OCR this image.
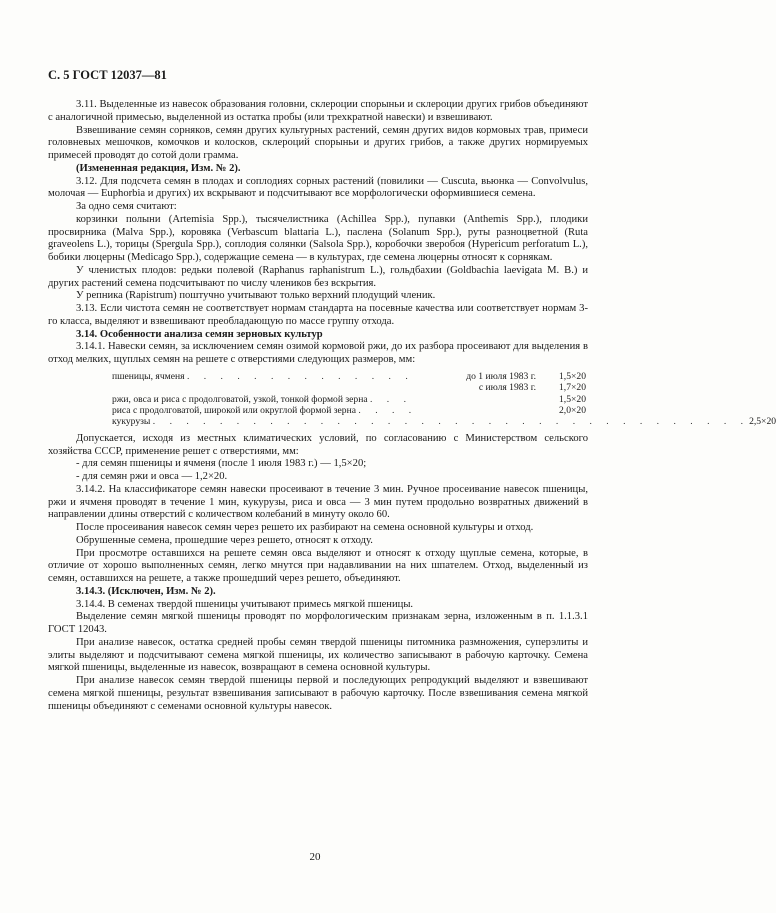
С. 5 ГОСТ 12037—81

3.11. Выделенные из навесок образования головни, склероции спорыньи и склероции других грибов объединяют с аналогичной примесью, выделенной из остатка пробы (или трехкратной навески) и взвешивают.

Взвешивание семян сорняков, семян других культурных растений, семян других видов кормовых трав, примеси головневых мешочков, комочков и колосков, склероций спорыньи и других грибов, а также других нормируемых примесей проводят до сотой доли грамма.

(Измененная редакция, Изм. № 2).

3.12. Для подсчета семян в плодах и соплодиях сорных растений (повилики — Cuscuta, вьюнка — Convolvulus, молочая — Euphorbia и других) их вскрывают и подсчитывают все морфологически оформившиеся семена.

За одно семя считают:

корзинки полыни (Artemisia Spp.), тысячелистника (Achillea Spp.), пупавки (Anthemis Spp.), плодики просвирника (Malva Spp.), коровяка (Verbascum blattaria L.), паслена (Solanum Spp.), руты разноцветной (Ruta graveolens L.), торицы (Spergula Spp.), соплодия солянки (Salsola Spp.), коробочки зверобоя (Hypericum perforatum L.), бобики люцерны (Medicago Spp.), содержащие семена — в культурах, где семена люцерны относят к сорнякам.

У члениcтых плодов: редьки полевой (Raphanus raphanistrum L.), гольдбахии (Goldbachia laevigata M. B.) и других растений семена подсчитывают по числу члеников без вскрытия.

У репника (Rapistrum) поштучно учитывают только верхний плодущий членик.

3.13. Если чистота семян не соответствует нормам стандарта на посевные качества или соответствует нормам 3-го класса, выделяют и взвешивают преобладающую по массе группу отхода.

3.14. Особенности анализа семян зерновых культур

3.14.1. Навески семян, за исключением семян озимой кормовой ржи, до их разбора просеивают для выделения в отход мелких, щуплых семян на решете с отверстиями следующих размеров, мм:

пшеницы, ячменя . . . . . . . . . . . . . .	до 1 июля 1983 г.	1,5×20
с июля 1983 г.	1,7×20
ржи, овса и риса с продолговатой, узкой, тонкой формой зерна . . .	1,5×20
риса с продолговатой, широкой или округлой формой зерна . . . .	2,0×20
кукурузы . . . . . . . . . . . . . . . . . . . . . . . . . . . . . . . . . . . . 2,5×20

Допускается, исходя из местных климатических условий, по согласованию с Министерством сельского хозяйства СССР, применение решет с отверстиями, мм:

- для семян пшеницы и ячменя (после 1 июля 1983 г.) — 1,5×20;

- для семян ржи и овса — 1,2×20.

3.14.2. На классификаторе семян навески просеивают в течение 3 мин. Ручное просеивание навесок пшеницы, ржи и ячменя проводят в течение 1 мин, кукурузы, риса и овса — 3 мин путем продольно возвратных движений в направлении длины отверстий с количеством колебаний в минуту около 60.

После просеивания навесок семян через решето их разбирают на семена основной культуры и отход.

Обрушенные семена, прошедшие через решето, относят к отходу.

При просмотре оставшихся на решете семян овса выделяют и относят к отходу щуплые семена, которые, в отличие от хорошо выполненных семян, легко мнутся при надавливании на них шпателем. Отход, выделенный из семян, оставшихся на решете, а также прошедший через решето, объединяют.

3.14.3. (Исключен, Изм. № 2).

3.14.4. В семенах твердой пшеницы учитывают примесь мягкой пшеницы.

Выделение семян мягкой пшеницы проводят по морфологическим признакам зерна, изложенным в п. 1.1.3.1 ГОСТ 12043.

При анализе навесок, остатка средней пробы семян твердой пшеницы питомника размножения, суперэлиты и элиты выделяют и подсчитывают семена мягкой пшеницы, их количество записывают в рабочую карточку. Семена мягкой пшеницы, выделенные из навесок, возвращают в семена основной культуры.

При анализе навесок семян твердой пшеницы первой и последующих репродукций выделяют и взвешивают семена мягкой пшеницы, результат взвешивания записывают в рабочую карточку. После взвешивания семена мягкой пшеницы объединяют с семенами основной культуры навесок.

20
